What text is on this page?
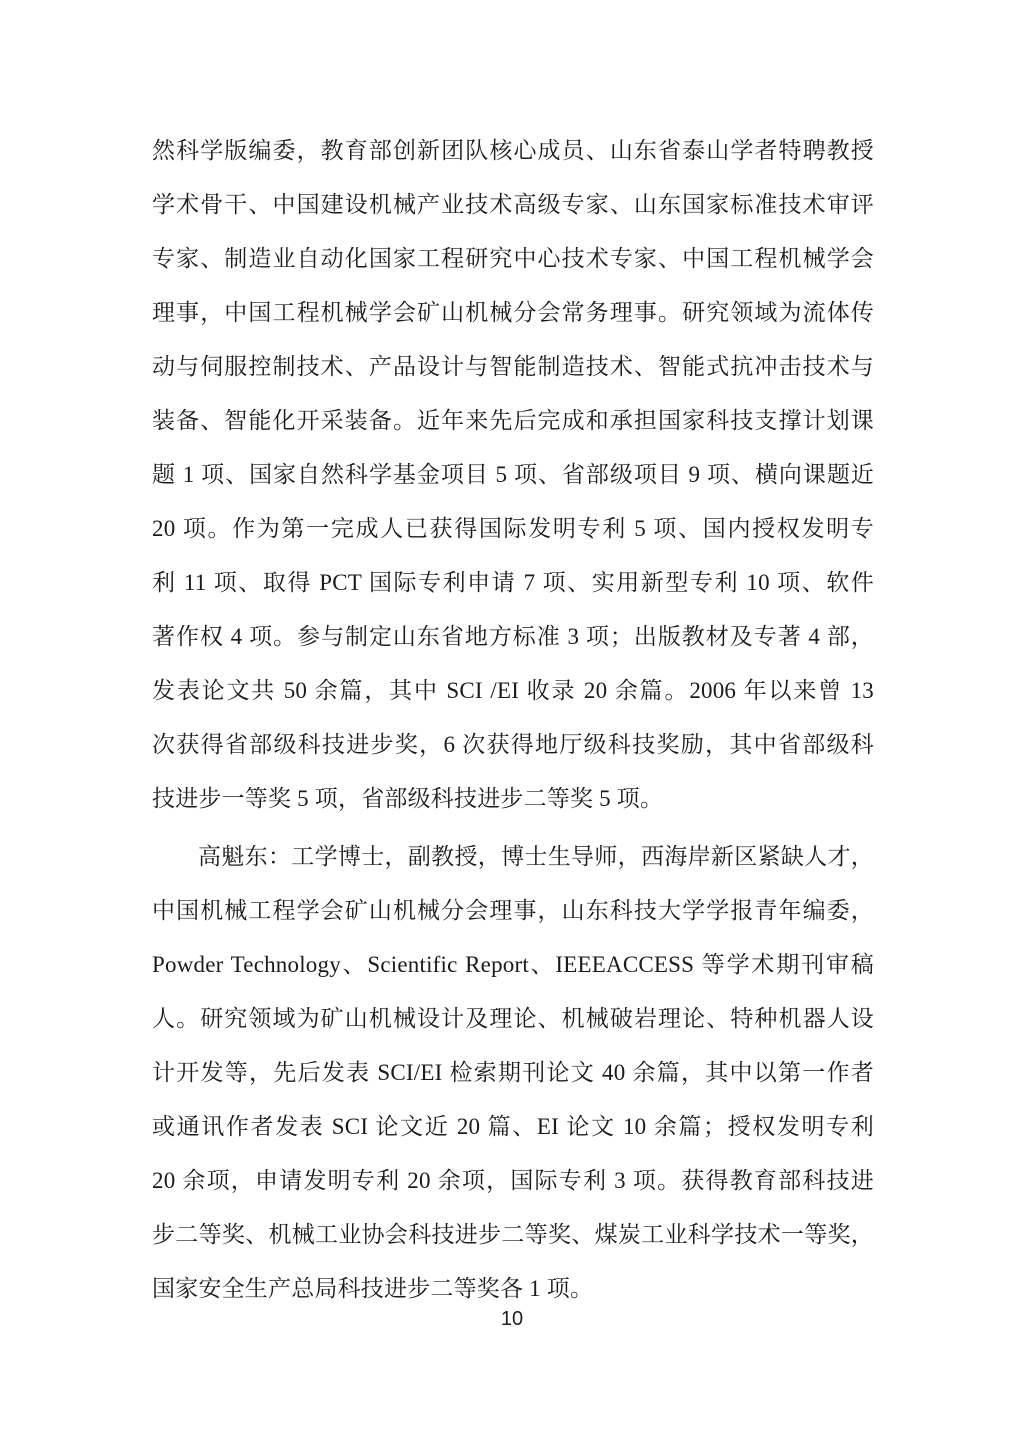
然科学版编委，教育部创新团队核心成员、山东省泰山学者特聘教授
学术骨干、中国建设机械产业技术高级专家、山东国家标准技术审评
专家、制造业自动化国家工程研究中心技术专家、中国工程机械学会
理事，中国工程机械学会矿山机械分会常务理事。研究领域为流体传
动与伺服控制技术、产品设计与智能制造技术、智能式抗冲击技术与
装备、智能化开采装备。近年来先后完成和承担国家科技支撑计划课
题 1 项、国家自然科学基金项目 5 项、省部级项目 9 项、横向课题近
20 项。作为第一完成人已获得国际发明专利 5 项、国内授权发明专
利 11 项、取得 PCT 国际专利申请 7 项、实用新型专利 10 项、软件
著作权 4 项。参与制定山东省地方标准 3 项；出版教材及专著 4 部，
发表论文共 50 余篇，其中 SCI /EI 收录 20 余篇。2006 年以来曾 13
次获得省部级科技进步奖，6 次获得地厅级科技奖励，其中省部级科
技进步一等奖 5 项，省部级科技进步二等奖 5 项。
高魁东：工学博士，副教授，博士生导师，西海岸新区紧缺人才，
中国机械工程学会矿山机械分会理事，山东科技大学学报青年编委，
Powder Technology、Scientific Report、IEEEACCESS 等学术期刊审稿
人。研究领域为矿山机械设计及理论、机械破岩理论、特种机器人设
计开发等，先后发表 SCI/EI 检索期刊论文 40 余篇，其中以第一作者
或通讯作者发表 SCI 论文近 20 篇、EI 论文 10 余篇；授权发明专利
20 余项，申请发明专利 20 余项，国际专利 3 项。获得教育部科技进
步二等奖、机械工业协会科技进步二等奖、煤炭工业科学技术一等奖，
国家安全生产总局科技进步二等奖各 1 项。
10
